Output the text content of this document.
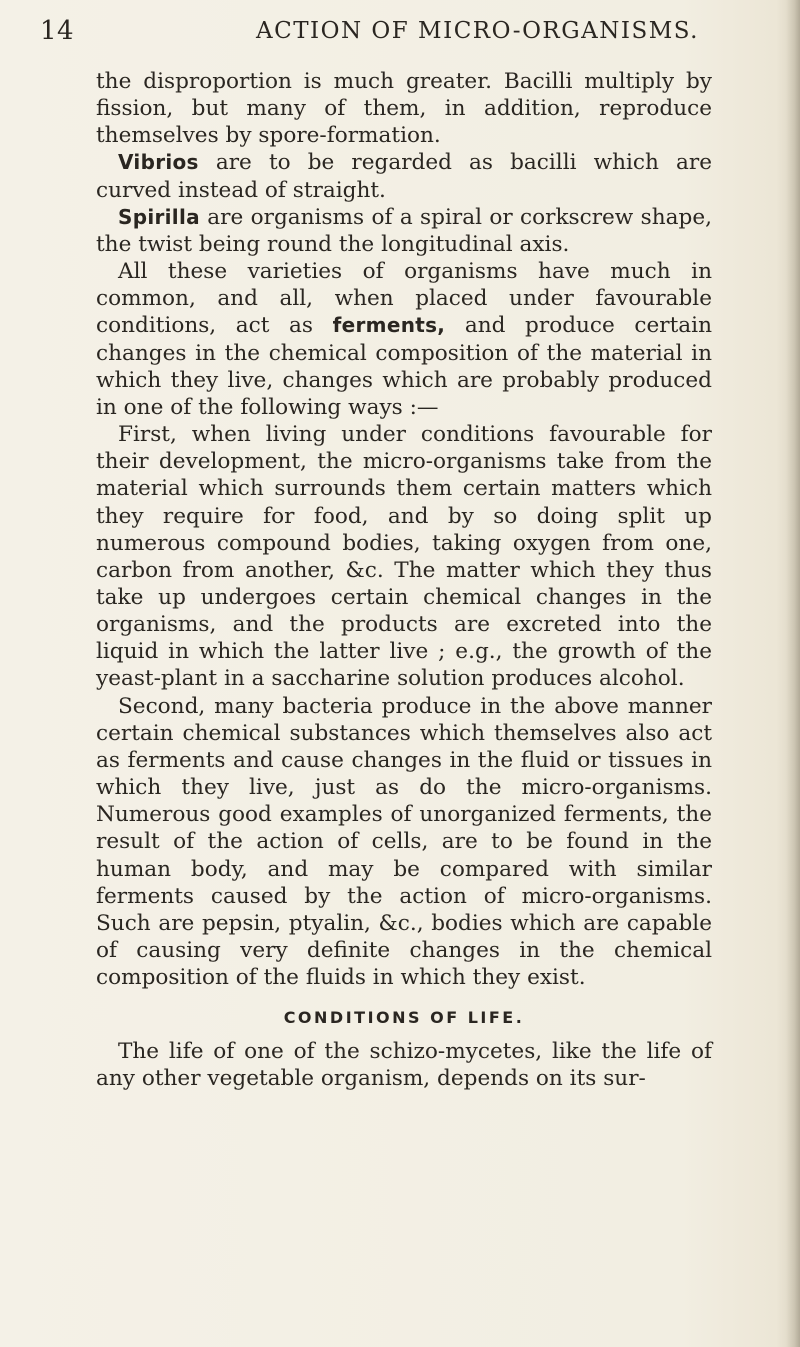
14	ACTION OF MICRO-ORGANISMS.

the disproportion is much greater. Bacilli multiply by fission, but many of them, in addition, reproduce themselves by spore-formation.

Vibrios are to be regarded as bacilli which are curved instead of straight.

Spirilla are organisms of a spiral or corkscrew shape, the twist being round the longitudinal axis.

All these varieties of organisms have much in common, and all, when placed under favourable conditions, act as ferments, and produce certain changes in the chemical composition of the material in which they live, changes which are probably produced in one of the following ways :—

First, when living under conditions favourable for their development, the micro-organisms take from the material which surrounds them certain matters which they require for food, and by so doing split up numerous compound bodies, taking oxygen from one, carbon from another, &c. The matter which they thus take up undergoes certain chemical changes in the organisms, and the products are excreted into the liquid in which the latter live ; e.g., the growth of the yeast-plant in a saccharine solution produces alcohol.

Second, many bacteria produce in the above manner certain chemical substances which themselves also act as ferments and cause changes in the fluid or tissues in which they live, just as do the micro-organisms. Numerous good examples of unorganized ferments, the result of the action of cells, are to be found in the human body, and may be compared with similar ferments caused by the action of micro-organisms. Such are pepsin, ptyalin, &c., bodies which are capable of causing very definite changes in the chemical composition of the fluids in which they exist.

CONDITIONS OF LIFE.

The life of one of the schizo-mycetes, like the life of any other vegetable organism, depends on its sur-
